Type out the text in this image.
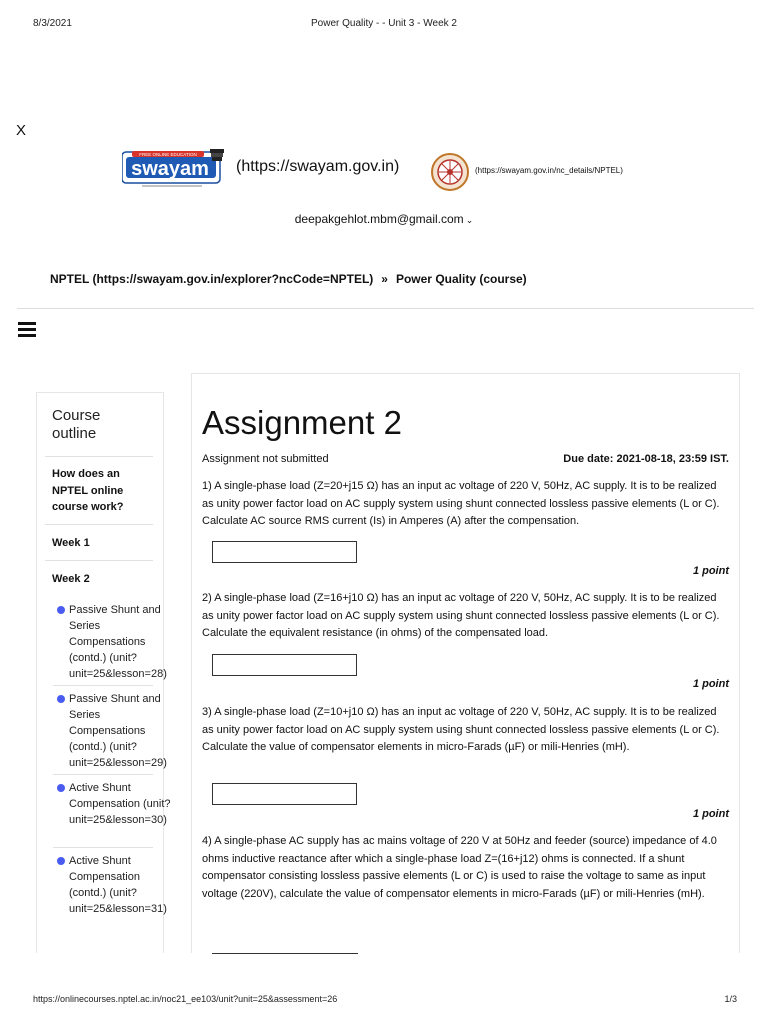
8/3/2021	Power Quality - - Unit 3 - Week 2
X
FREE ONLINE EDUCATION
swayam (https://swayam.gov.in)	(https://swayam.gov.in/nc_details/NPTEL)
deepakgehlot.mbm@gmail.com ⌄
NPTEL (https://swayam.gov.in/explorer?ncCode=NPTEL) » Power Quality (course)
Course
outline
How does an NPTEL online course work?
Week 1
Week 2
Passive Shunt and Series Compensations (contd.) (unit?unit=25&lesson=28)
Passive Shunt and Series Compensations (contd.) (unit?unit=25&lesson=29)
Active Shunt Compensation (unit?unit=25&lesson=30)
Active Shunt Compensation (contd.) (unit?unit=25&lesson=31)
Assignment 2
Assignment not submitted	Due date: 2021-08-18, 23:59 IST.
1) A single-phase load (Z=20+j15 Ω) has an input ac voltage of 220 V, 50Hz, AC supply. It is to be realized as unity power factor load on AC supply system using shunt connected lossless passive elements (L or C). Calculate AC source RMS current (Is) in Amperes (A) after the compensation.
1 point
2) A single-phase load (Z=16+j10 Ω) has an input ac voltage of 220 V, 50Hz, AC supply. It is to be realized as unity power factor load on AC supply system using shunt connected lossless passive elements (L or C). Calculate the equivalent resistance (in ohms) of the compensated load.
1 point
3) A single-phase load (Z=10+j10 Ω) has an input ac voltage of 220 V, 50Hz, AC supply. It is to be realized as unity power factor load on AC supply system using shunt connected lossless passive elements (L or C). Calculate the value of compensator elements in micro-Farads (µF) or mili-Henries (mH).
1 point
4) A single-phase AC supply has ac mains voltage of 220 V at 50Hz and feeder (source) impedance of 4.0 ohms inductive reactance after which a single-phase load Z=(16+j12) ohms is connected. If a shunt compensator consisting lossless passive elements (L or C) is used to raise the voltage to same as input voltage (220V), calculate the value of compensator elements in micro-Farads (µF) or mili-Henries (mH).
https://onlinecourses.nptel.ac.in/noc21_ee103/unit?unit=25&assessment=26	1/3
